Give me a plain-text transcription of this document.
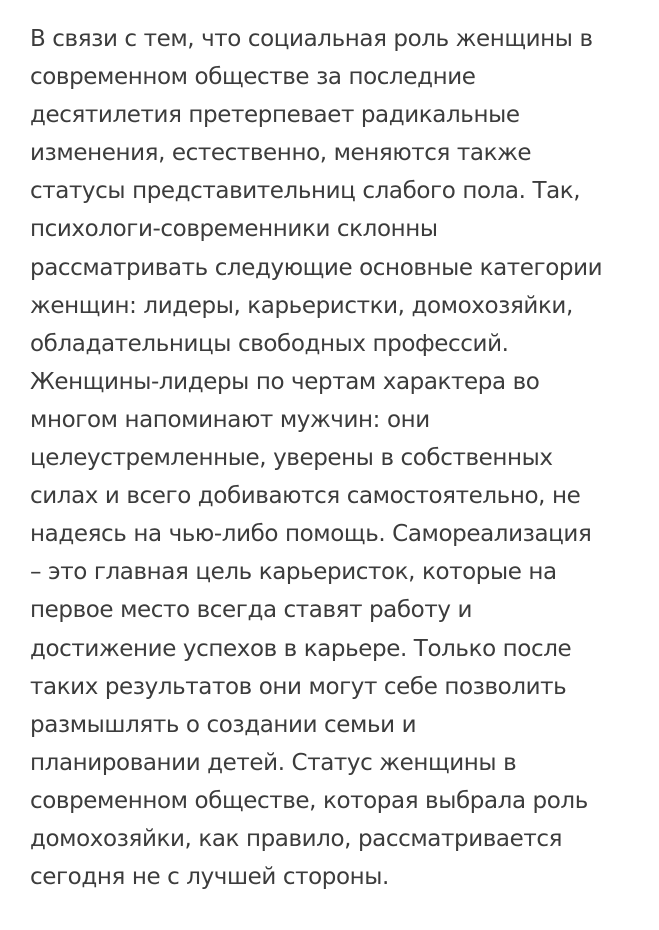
В связи с тем, что социальная роль женщины в
современном обществе за последние
десятилетия претерпевает радикальные
изменения, естественно, меняются также
статусы представительниц слабого пола. Так,
психологи-современники склонны
рассматривать следующие основные категории
женщин: лидеры, карьеристки, домохозяйки,
обладательницы свободных профессий.
Женщины-лидеры по чертам характера во
многом напоминают мужчин: они
целеустремленные, уверены в собственных
силах и всего добиваются самостоятельно, не
надеясь на чью-либо помощь. Самореализация
– это главная цель карьеристок, которые на
первое место всегда ставят работу и
достижение успехов в карьере. Только после
таких результатов они могут себе позволить
размышлять о создании семьи и
планировании детей. Статус женщины в
современном обществе, которая выбрала роль
домохозяйки, как правило, рассматривается
сегодня не с лучшей стороны.
